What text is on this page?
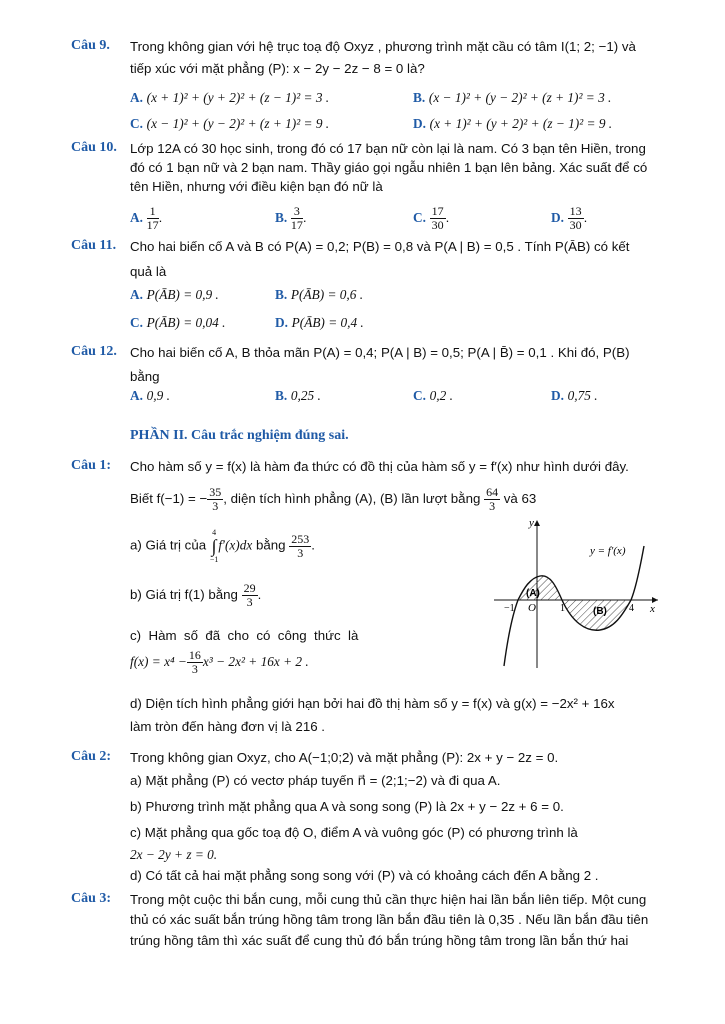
Câu 9. Trong không gian với hệ trục toạ độ Oxyz , phương trình mặt cầu có tâm I(1; 2; −1) và
tiếp xúc với mặt phẳng (P): x − 2y − 2z − 8 = 0 là?
A. (x + 1)² + (y + 2)² + (z − 1)² = 3 .	B. (x − 1)² + (y − 2)² + (z + 1)² = 3 .
C. (x − 1)² + (y − 2)² + (z + 1)² = 9 .	D. (x + 1)² + (y + 2)² + (z − 1)² = 9 .
Câu 10. Lớp 12A có 30 học sinh, trong đó có 17 bạn nữ còn lại là nam. Có 3 bạn tên Hiền, trong
đó có 1 bạn nữ và 2 bạn nam. Thầy giáo gọi ngẫu nhiên 1 bạn lên bảng. Xác suất để có
tên Hiền, nhưng với điều kiện bạn đó nữ là
A. $\frac{1}{17}$ .	B. $\frac{3}{17}$ .	C. $\frac{17}{30}$ .	D. $\frac{13}{30}$ .
Câu 11. Cho hai biến cố A và B có P(A) = 0,2; P(B) = 0,8 và P(A | B) = 0,5 . Tính P(ĀB) có kết
quả là
A. P(ĀB) = 0,9 .	B. P(ĀB) = 0,6 .
C. P(ĀB) = 0,04 .	D. P(ĀB) = 0,4 .
Câu 12. Cho hai biến cố A, B thỏa mãn P(A) = 0,4; P(A | B) = 0,5; P(A | B̄) = 0,1 . Khi đó, P(B)
bằng
A. 0,9 .	B. 0,25 .	C. 0,2 .	D. 0,75 .
PHẦN II. Câu trắc nghiệm đúng sai.
Câu 1: Cho hàm số y = f(x) là hàm đa thức có đồ thị của hàm số y = f′(x) như hình dưới đây.
Biết f(−1) = − $\frac{35}{3}$ , diện tích hình phẳng (A), (B) lần lượt bằng $\frac{64}{3}$ và 63
a) Giá trị của
4
∫
−1
f′(x)dx bằng $\frac{253}{3}$ .
b) Giá trị f(1) bằng $\frac{29}{3}$ .
c)  Hàm  số  đã  cho  có  công  thức  là
$f(x) = x^4 - \frac{16}{3} x^3 - 2x^2 + 16x + 2$ .
d) Diện tích hình phẳng giới hạn bởi hai đồ thị hàm số y = f(x) và g(x) = −2x² + 16x
làm tròn đến hàng đơn vị là 216 .
y
x
O
−1	1	4
y = f′(x)
(A)
(B)
Câu 2: Trong không gian Oxyz, cho A(−1;0;2) và mặt phẳng (P): 2x + y − 2z = 0.
a) Mặt phẳng (P) có vectơ pháp tuyến n⃗ = (2;1;−2) và đi qua A.
b) Phương trình mặt phẳng qua A và song song (P) là 2x + y − 2z + 6 = 0.
c) Mặt phẳng qua gốc toạ độ O, điểm A và vuông góc (P) có phương trình là
2x − 2y + z = 0.
d) Có tất cả hai mặt phẳng song song với (P) và có khoảng cách đến A bằng 2 .
Câu 3: Trong một cuộc thi bắn cung, mỗi cung thủ cần thực hiện hai lần bắn liên tiếp. Một cung
thủ có xác suất bắn trúng hồng tâm trong lần bắn đầu tiên là 0,35 . Nếu lần bắn đầu tiên
trúng hồng tâm thì xác suất để cung thủ đó bắn trúng hồng tâm trong lần bắn thứ hai
